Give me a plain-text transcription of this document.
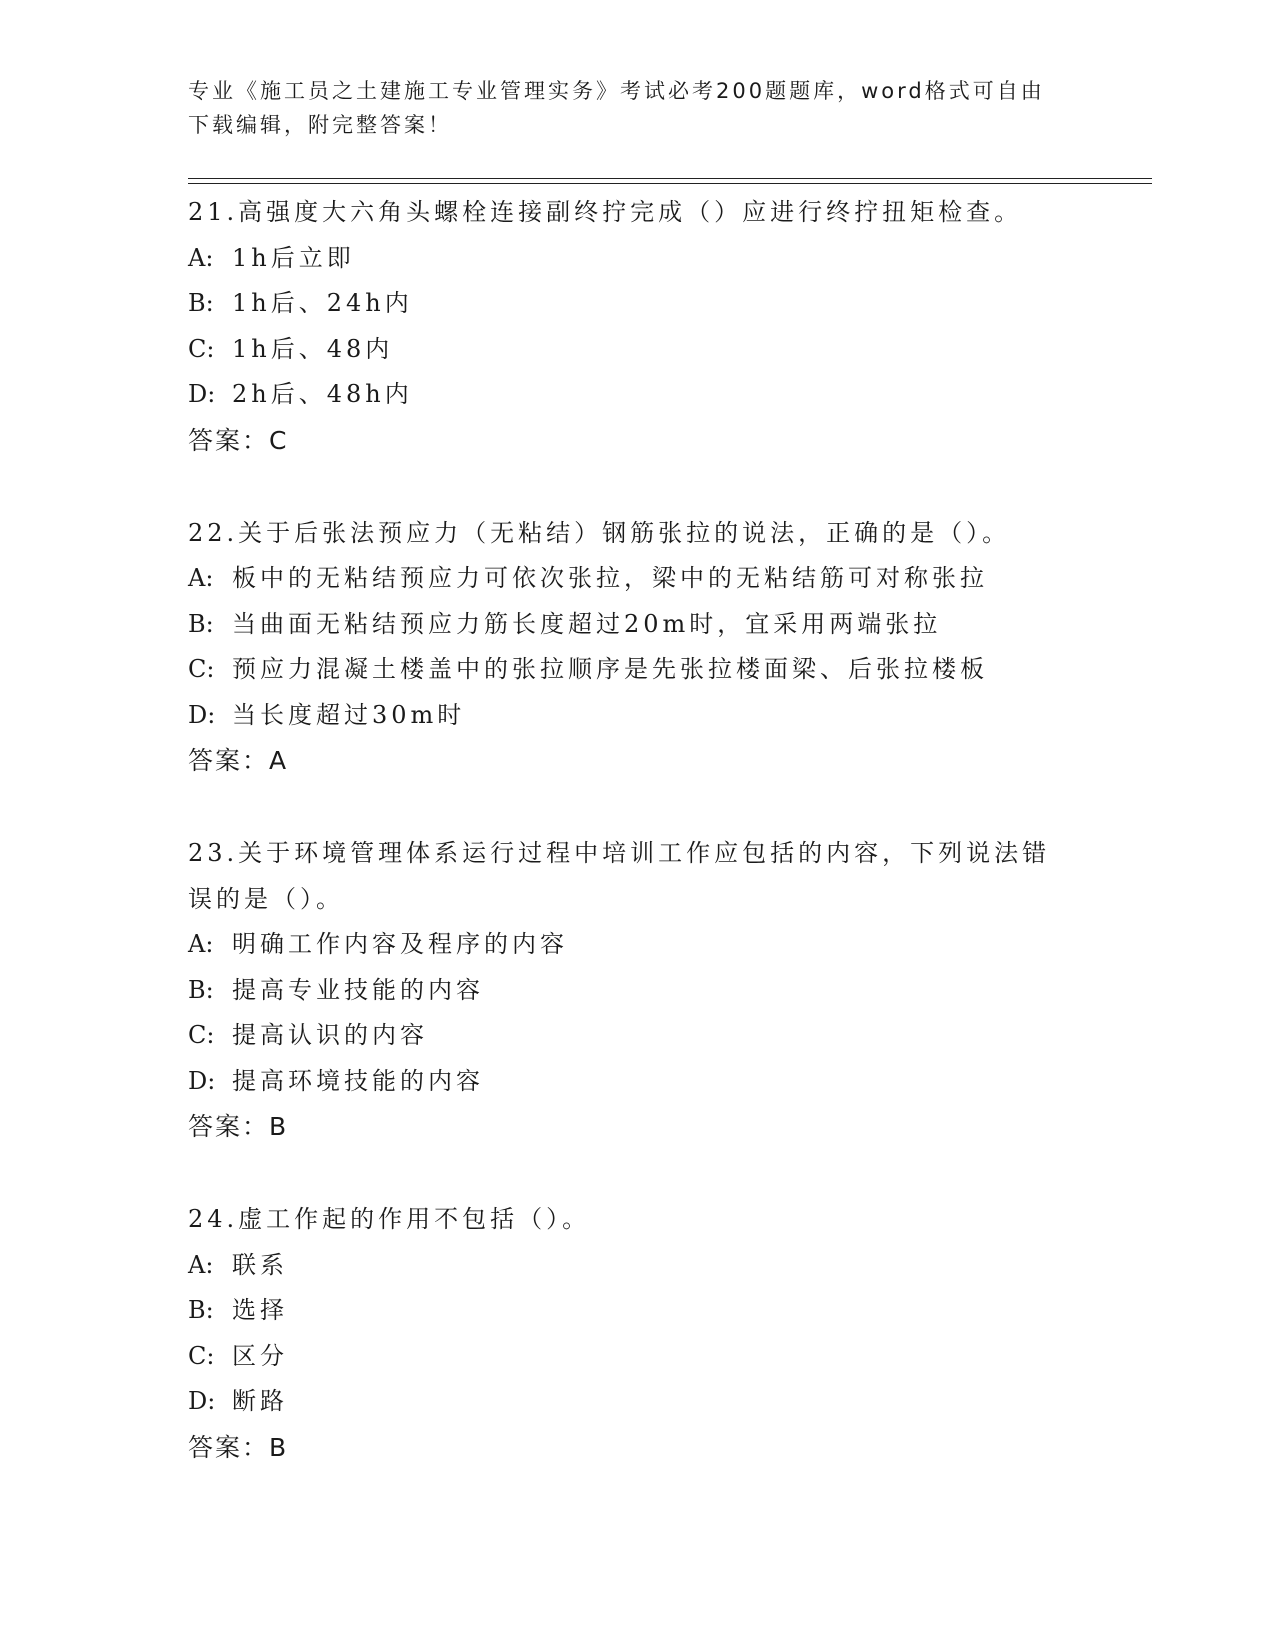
专业《施工员之土建施工专业管理实务》考试必考200题题库，word格式可自由下载编辑，附完整答案！
21.高强度大六角头螺栓连接副终拧完成（）应进行终拧扭矩检查。
A: 1h后立即
B: 1h后、24h内
C: 1h后、48内
D: 2h后、48h内
答案：C
22.关于后张法预应力（无粘结）钢筋张拉的说法，正确的是（）。
A: 板中的无粘结预应力可依次张拉，梁中的无粘结筋可对称张拉
B: 当曲面无粘结预应力筋长度超过20m时，宜采用两端张拉
C: 预应力混凝土楼盖中的张拉顺序是先张拉楼面梁、后张拉楼板
D: 当长度超过30m时
答案：A
23.关于环境管理体系运行过程中培训工作应包括的内容，下列说法错误的是（）。
A: 明确工作内容及程序的内容
B: 提高专业技能的内容
C: 提高认识的内容
D: 提高环境技能的内容
答案：B
24.虚工作起的作用不包括（）。
A: 联系
B: 选择
C: 区分
D: 断路
答案：B
